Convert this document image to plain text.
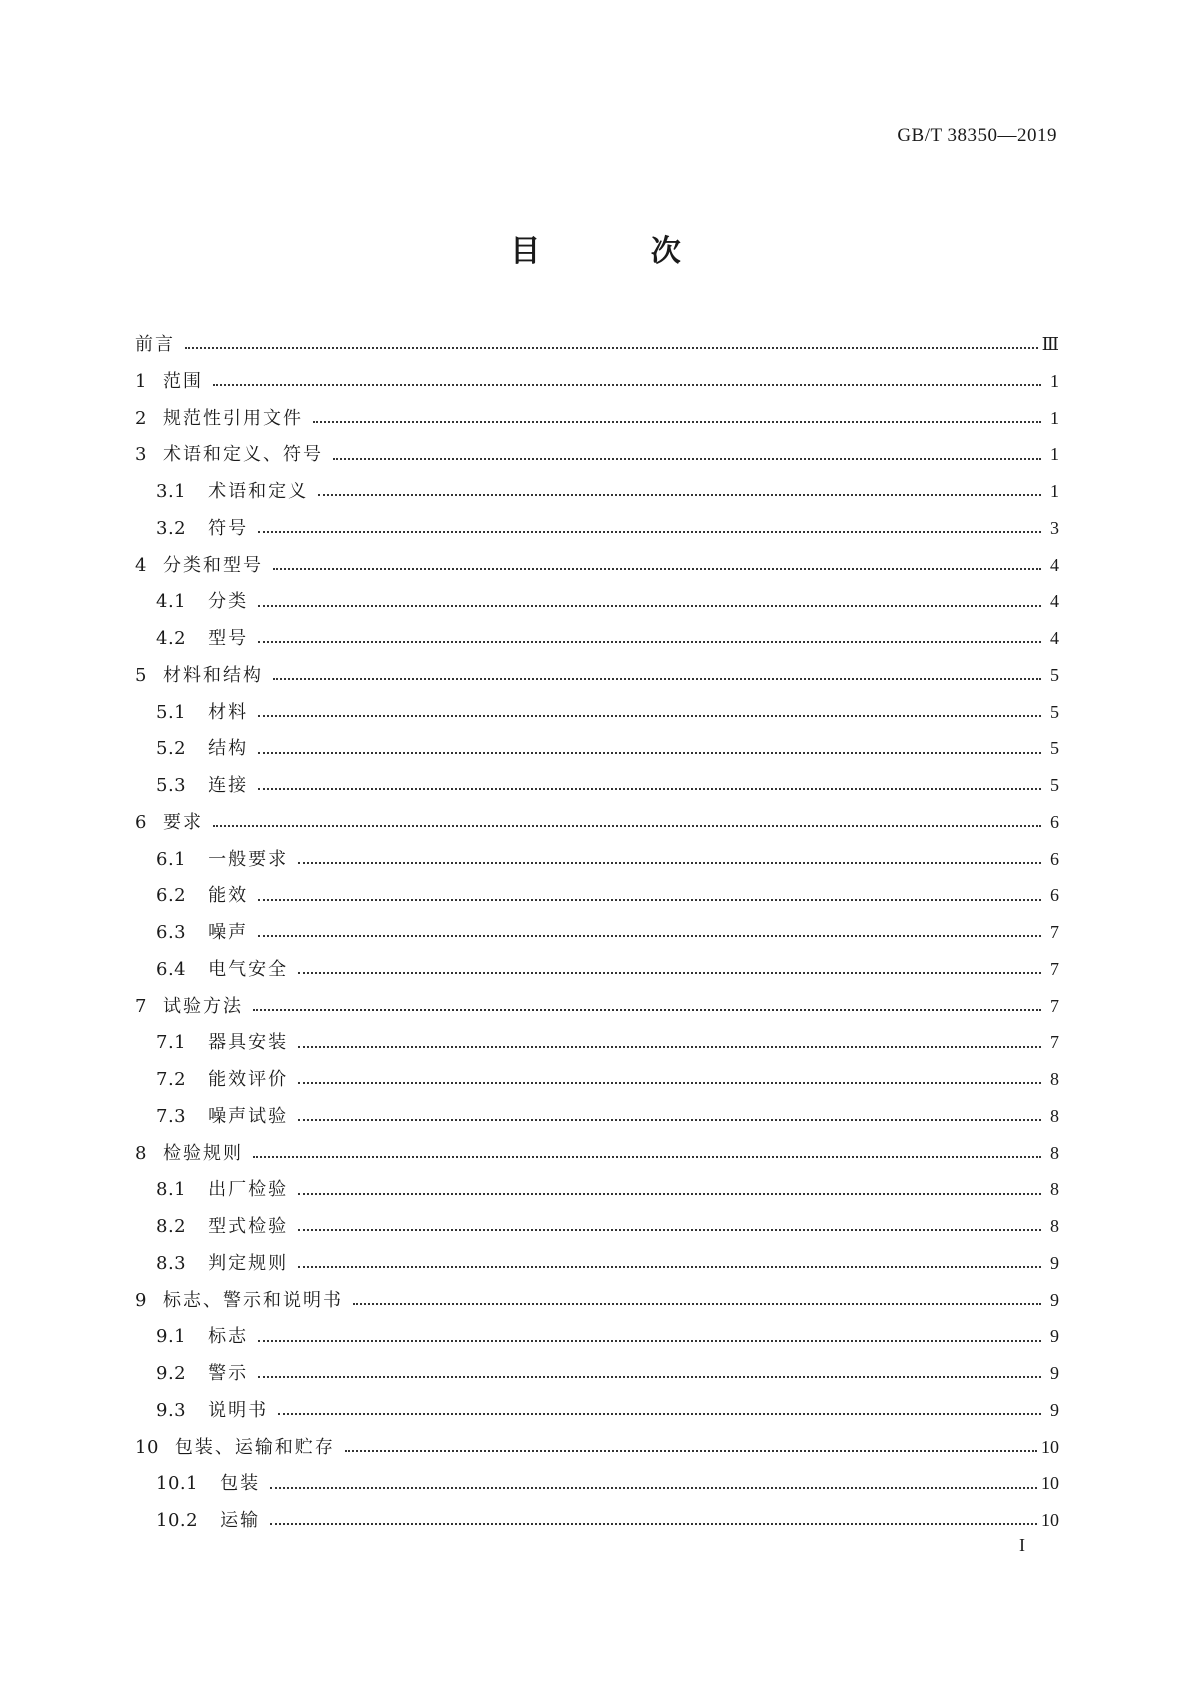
GB/T 38350—2019
目 次
前言	Ⅲ
1 范围	1
2 规范性引用文件	1
3 术语和定义、符号	1
3.1 术语和定义	1
3.2 符号	3
4 分类和型号	4
4.1 分类	4
4.2 型号	4
5 材料和结构	5
5.1 材料	5
5.2 结构	5
5.3 连接	5
6 要求	6
6.1 一般要求	6
6.2 能效	6
6.3 噪声	7
6.4 电气安全	7
7 试验方法	7
7.1 器具安装	7
7.2 能效评价	8
7.3 噪声试验	8
8 检验规则	8
8.1 出厂检验	8
8.2 型式检验	8
8.3 判定规则	9
9 标志、警示和说明书	9
9.1 标志	9
9.2 警示	9
9.3 说明书	9
10 包装、运输和贮存	10
10.1 包装	10
10.2 运输	10
I
